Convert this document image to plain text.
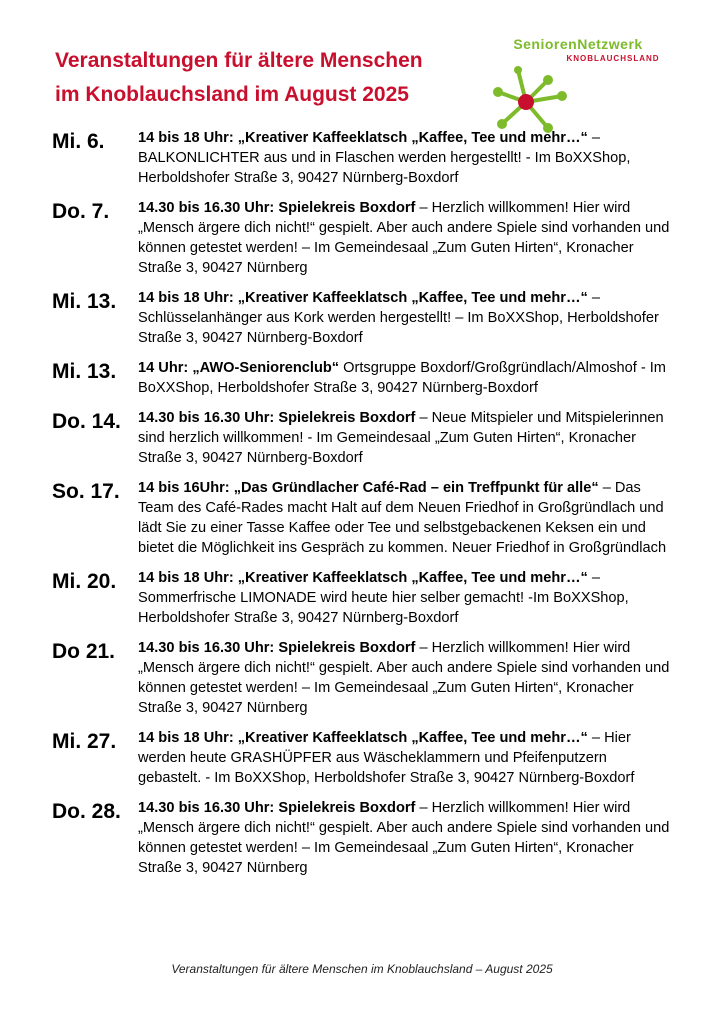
Veranstaltungen für ältere Menschen
im Knoblauchsland im August 2025
SeniorenNetzwerk
KNOBLAUCHSLAND
Mi. 6.	14 bis 18 Uhr: „Kreativer Kaffeeklatsch „Kaffee, Tee und mehr…“ – BALKONLICHTER aus und in Flaschen werden hergestellt! - Im BoXXShop, Herboldshofer Straße 3, 90427 Nürnberg-Boxdorf
Do. 7.	14.30 bis 16.30 Uhr: Spielekreis Boxdorf – Herzlich willkommen! Hier wird „Mensch ärgere dich nicht!“ gespielt. Aber auch andere Spiele sind vorhanden und können getestet werden! – Im Gemeindesaal „Zum Guten Hirten“, Kronacher Straße 3, 90427 Nürnberg
Mi. 13.	14 bis 18 Uhr: „Kreativer Kaffeeklatsch „Kaffee, Tee und mehr…“ – Schlüsselanhänger aus Kork werden hergestellt! – Im BoXXShop, Herboldshofer Straße 3, 90427 Nürnberg-Boxdorf
Mi. 13.	14 Uhr: „AWO-Seniorenclub“ Ortsgruppe Boxdorf/Großgründlach/Almoshof - Im BoXXShop, Herboldshofer Straße 3, 90427 Nürnberg-Boxdorf
Do. 14.	14.30 bis 16.30 Uhr: Spielekreis Boxdorf – Neue Mitspieler und Mitspielerinnen sind herzlich willkommen! - Im Gemeindesaal „Zum Guten Hirten“, Kronacher Straße 3, 90427 Nürnberg-Boxdorf
So. 17.	14 bis 16Uhr: „Das Gründlacher Café-Rad – ein Treffpunkt für alle“ – Das Team des Café-Rades macht Halt auf dem Neuen Friedhof in Großgründlach und lädt Sie zu einer Tasse Kaffee oder Tee und selbstgebackenen Keksen ein und bietet die Möglichkeit ins Gespräch zu kommen. Neuer Friedhof in Großgründlach
Mi. 20.	14 bis 18 Uhr: „Kreativer Kaffeeklatsch „Kaffee, Tee und mehr…“ – Sommerfrische LIMONADE wird heute hier selber gemacht! -Im BoXXShop, Herboldshofer Straße 3, 90427 Nürnberg-Boxdorf
Do 21.	14.30 bis 16.30 Uhr: Spielekreis Boxdorf – Herzlich willkommen! Hier wird „Mensch ärgere dich nicht!“ gespielt. Aber auch andere Spiele sind vorhanden und können getestet werden! – Im Gemeindesaal „Zum Guten Hirten“, Kronacher Straße 3, 90427 Nürnberg
Mi. 27.	14 bis 18 Uhr: „Kreativer Kaffeeklatsch „Kaffee, Tee und mehr…“ – Hier werden heute GRASHÜPFER aus Wäscheklammern und Pfeifenputzern gebastelt. - Im BoXXShop, Herboldshofer Straße 3, 90427 Nürnberg-Boxdorf
Do. 28.	14.30 bis 16.30 Uhr: Spielekreis Boxdorf – Herzlich willkommen! Hier wird „Mensch ärgere dich nicht!“ gespielt. Aber auch andere Spiele sind vorhanden und können getestet werden! – Im Gemeindesaal „Zum Guten Hirten“, Kronacher Straße 3, 90427 Nürnberg
Veranstaltungen für ältere Menschen im Knoblauchsland – August 2025
